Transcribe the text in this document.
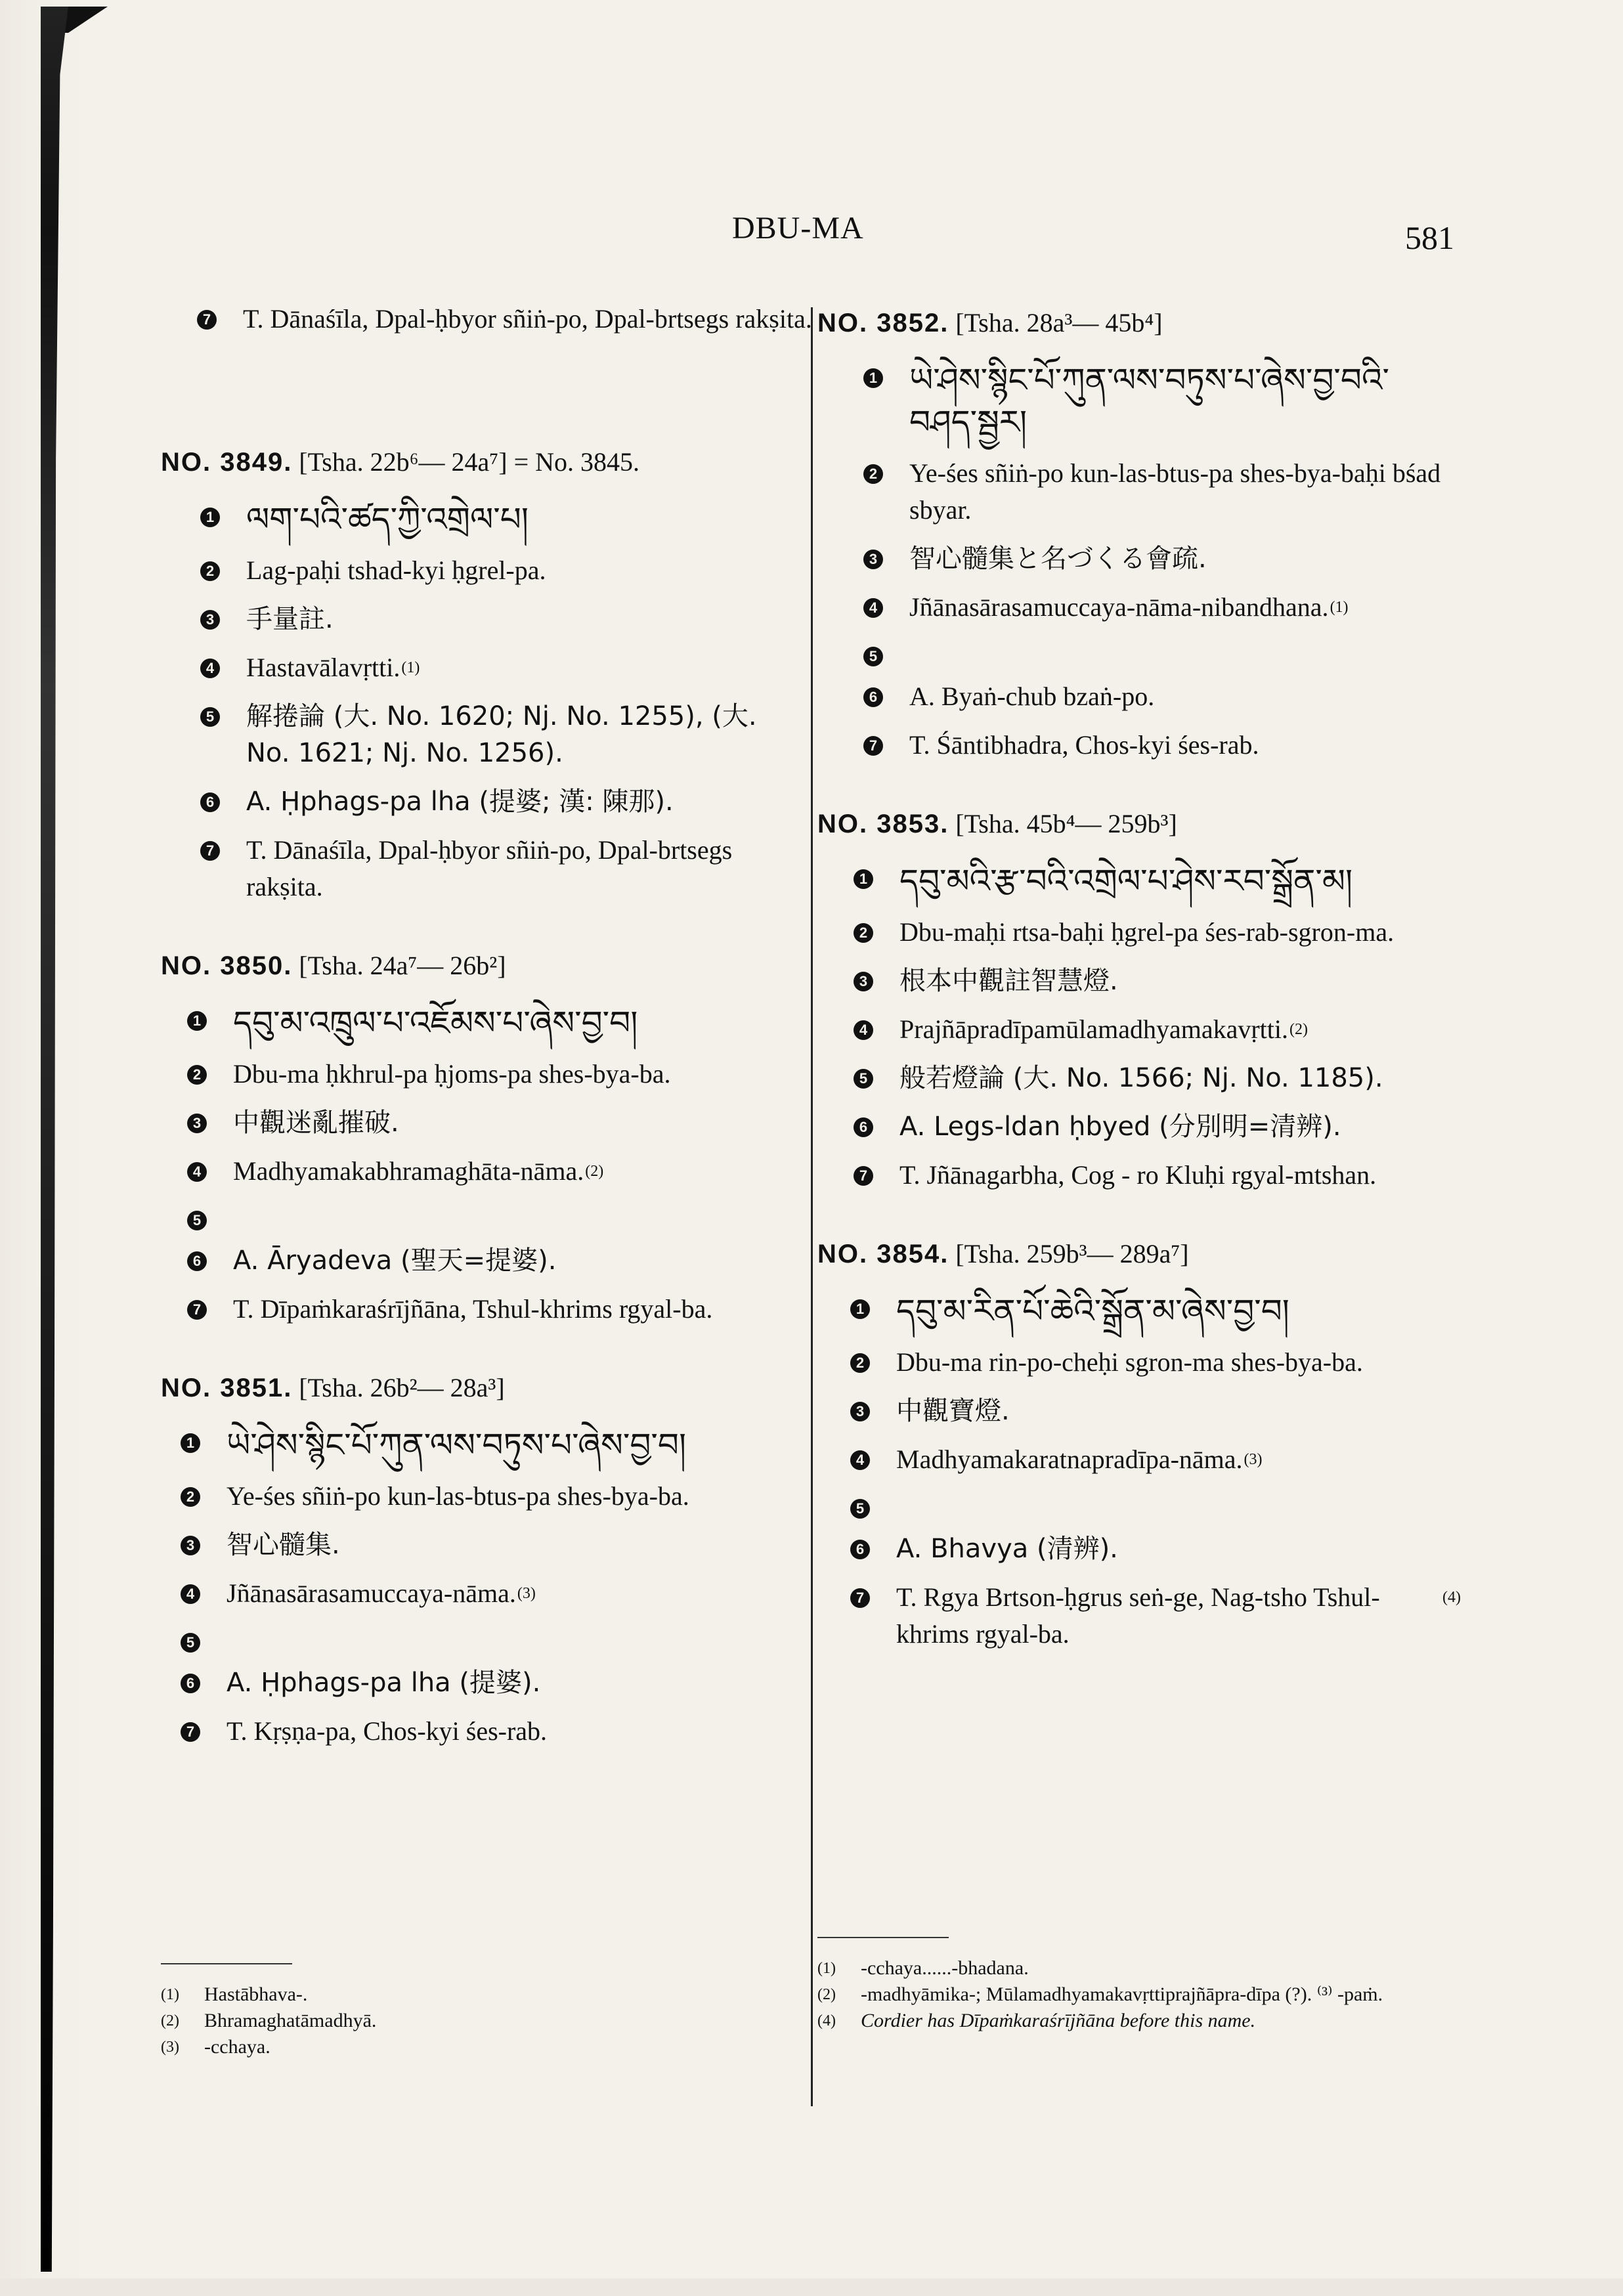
DBU-MA	581
7 T. Dānaśīla, Dpal-ḥbyor sñiṅ-po, Dpal-brtsegs rakṣita.
NO. 3849. [Tsha. 22b⁶— 24a⁷] = No. 3845.
1 ལག་པའི་ཚད་ཀྱི་འགྲེལ་པ།
2 Lag-paḥi tshad-kyi ḥgrel-pa.
3 手量註.
4 Hastavālavṛtti. (1)
5 解捲論 (大. No. 1620; Nj. No. 1255), (大. No. 1621; Nj. No. 1256).
6 A. Ḥphags-pa lha (提婆; 漢: 陳那).
7 T. Dānaśīla, Dpal-ḥbyor sñiṅ-po, Dpal-brtsegs rakṣita.
NO. 3850. [Tsha. 24a⁷— 26b²]
1 དབུ་མ་འཁྲུལ་པ་འཇོམས་པ་ཞེས་བྱ་བ།
2 Dbu-ma ḥkhrul-pa ḥjoms-pa shes-bya-ba.
3 中觀迷亂摧破.
4 Madhyamakabhramaghāta-nāma. (2)
5
6 A. Āryadeva (聖天=提婆).
7 T. Dīpaṁkaraśrījñāna, Tshul-khrims rgyal-ba.
NO. 3851. [Tsha. 26b²— 28a³]
1 ཡེ་ཤེས་སྙིང་པོ་ཀུན་ལས་བཏུས་པ་ཞེས་བྱ་བ།
2 Ye-śes sñiṅ-po kun-las-btus-pa shes-bya-ba.
3 智心髓集.
4 Jñānasārasamuccaya-nāma. (3)
5
6 A. Ḥphags-pa lha (提婆).
7 T. Kṛṣṇa-pa, Chos-kyi śes-rab.
(1)	Hastābhava-.
(2)	Bhramaghatāmadhyā.
(3)	-cchaya.
NO. 3852. [Tsha. 28a³— 45b⁴]
1 ཡེ་ཤེས་སྙིང་པོ་ཀུན་ལས་བཏུས་པ་ཞེས་བྱ་བའི་བཤད་སྦྱར།
2 Ye-śes sñiṅ-po kun-las-btus-pa shes-bya-baḥi bśad sbyar.
3 智心髓集と名づくる會疏.
4 Jñānasārasamuccaya-nāma-nibandhana. (1)
5
6 A. Byaṅ-chub bzaṅ-po.
7 T. Śāntibhadra, Chos-kyi śes-rab.
NO. 3853. [Tsha. 45b⁴— 259b³]
1 དབུ་མའི་རྩ་བའི་འགྲེལ་པ་ཤེས་རབ་སྒྲོན་མ།
2 Dbu-maḥi rtsa-baḥi ḥgrel-pa śes-rab-sgron-ma.
3 根本中觀註智慧燈.
4 Prajñāpradīpamūlamadhyamakavṛtti. (2)
5 般若燈論 (大. No. 1566; Nj. No. 1185).
6 A. Legs-ldan ḥbyed (分別明=清辨).
7 T. Jñānagarbha, Cog - ro Kluḥi rgyal-mtshan.
NO. 3854. [Tsha. 259b³— 289a⁷]
1 དབུ་མ་རིན་པོ་ཆེའི་སྒྲོན་མ་ཞེས་བྱ་བ།
2 Dbu-ma rin-po-cheḥi sgron-ma shes-bya-ba.
3 中觀寶燈.
4 Madhyamakaratnapradīpa-nāma. (3)
5
6 A. Bhavya (清辨).
7 T. Rgya Brtson-ḥgrus seṅ-ge, Nag-tsho Tshul-khrims rgyal-ba.
(4)
(1)	-cchaya......-bhadana.
(2)	-madhyāmika-; Mūlamadhyamakavṛttiprajñāpra-dīpa (?). ⁽³⁾ -paṁ.
(4)	Cordier has Dīpaṁkaraśrījñāna before this name.
